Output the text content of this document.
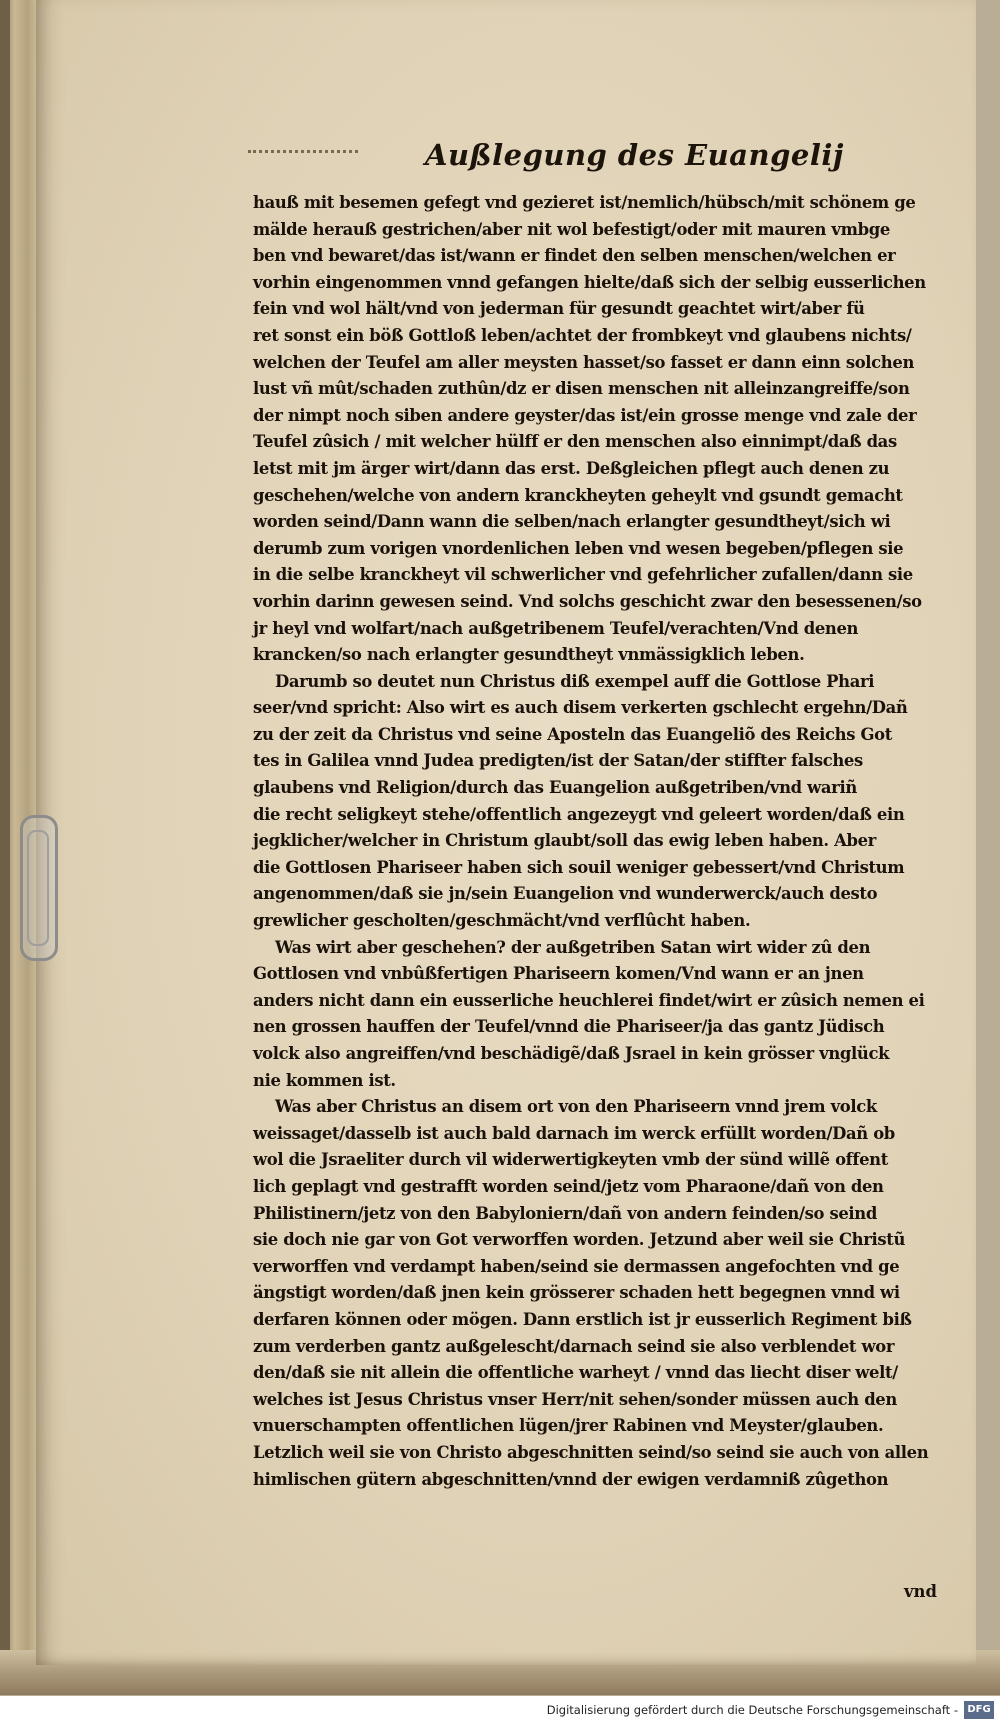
Außlegung des Euangelij
hauß mit besemen gefegt vnd gezieret ist/nemlich/hübsch/mit schönem ge
mälde herauß gestrichen/aber nit wol befestigt/oder mit mauren vmbge
ben vnd bewaret/das ist/wann er findet den selben menschen/welchen er
vorhin eingenommen vnnd gefangen hielte/daß sich der selbig eusserlichen
fein vnd wol hält/vnd von jederman für gesundt geachtet wirt/aber fü
ret sonst ein böß Gottloß leben/achtet der frombkeyt vnd glaubens nichts/
welchen der Teufel am aller meysten hasset/so fasset er dann einn solchen
lust vñ mût/schaden zuthûn/dz er disen menschen nit alleinzangreiffe/son
der nimpt noch siben andere geyster/das ist/ein grosse menge vnd zale der
Teufel zûsich / mit welcher hülff er den menschen also einnimpt/daß das
letst mit jm ärger wirt/dann das erst. Deßgleichen pflegt auch denen zu
geschehen/welche von andern kranckheyten geheylt vnd gsundt gemacht
worden seind/Dann wann die selben/nach erlangter gesundtheyt/sich wi
derumb zum vorigen vnordenlichen leben vnd wesen begeben/pflegen sie
in die selbe kranckheyt vil schwerlicher vnd gefehrlicher zufallen/dann sie
vorhin darinn gewesen seind. Vnd solchs geschicht zwar den besessenen/so
jr heyl vnd wolfart/nach außgetribenem Teufel/verachten/Vnd denen
krancken/so nach erlangter gesundtheyt vnmässigklich leben.
Darumb so deutet nun Christus diß exempel auff die Gottlose Phari
seer/vnd spricht: Also wirt es auch disem verkerten gschlecht ergehn/Dañ
zu der zeit da Christus vnd seine Aposteln das Euangeliõ des Reichs Got
tes in Galilea vnnd Judea predigten/ist der Satan/der stiffter falsches
glaubens vnd Religion/durch das Euangelion außgetriben/vnd wariñ
die recht seligkeyt stehe/offentlich angezeygt vnd geleert worden/daß ein
jegklicher/welcher in Christum glaubt/soll das ewig leben haben. Aber
die Gottlosen Phariseer haben sich souil weniger gebessert/vnd Christum
angenommen/daß sie jn/sein Euangelion vnd wunderwerck/auch desto
grewlicher gescholten/geschmächt/vnd verflûcht haben.
Was wirt aber geschehen? der außgetriben Satan wirt wider zû den
Gottlosen vnd vnbûßfertigen Phariseern komen/Vnd wann er an jnen
anders nicht dann ein eusserliche heuchlerei findet/wirt er zûsich nemen ei
nen grossen hauffen der Teufel/vnnd die Phariseer/ja das gantz Jüdisch
volck also angreiffen/vnd beschädigẽ/daß Jsrael in kein grösser vnglück
nie kommen ist.
Was aber Christus an disem ort von den Phariseern vnnd jrem volck
weissaget/dasselb ist auch bald darnach im werck erfüllt worden/Dañ ob
wol die Jsraeliter durch vil widerwertigkeyten vmb der sünd willẽ offent
lich geplagt vnd gestrafft worden seind/jetz vom Pharaone/dañ von den
Philistinern/jetz von den Babyloniern/dañ von andern feinden/so seind
sie doch nie gar von Got verworffen worden. Jetzund aber weil sie Christũ
verworffen vnd verdampt haben/seind sie dermassen angefochten vnd ge
ängstigt worden/daß jnen kein grösserer schaden hett begegnen vnnd wi
derfaren können oder mögen. Dann erstlich ist jr eusserlich Regiment biß
zum verderben gantz außgelescht/darnach seind sie also verblendet wor
den/daß sie nit allein die offentliche warheyt / vnnd das liecht diser welt/
welches ist Jesus Christus vnser Herr/nit sehen/sonder müssen auch den
vnuerschampten offentlichen lügen/jrer Rabinen vnd Meyster/glauben.
Letzlich weil sie von Christo abgeschnitten seind/so seind sie auch von allen
himlischen gütern abgeschnitten/vnnd der ewigen verdamniß zûgethon
vnd
Digitalisierung gefördert durch die Deutsche Forschungsgemeinschaft - DFG
